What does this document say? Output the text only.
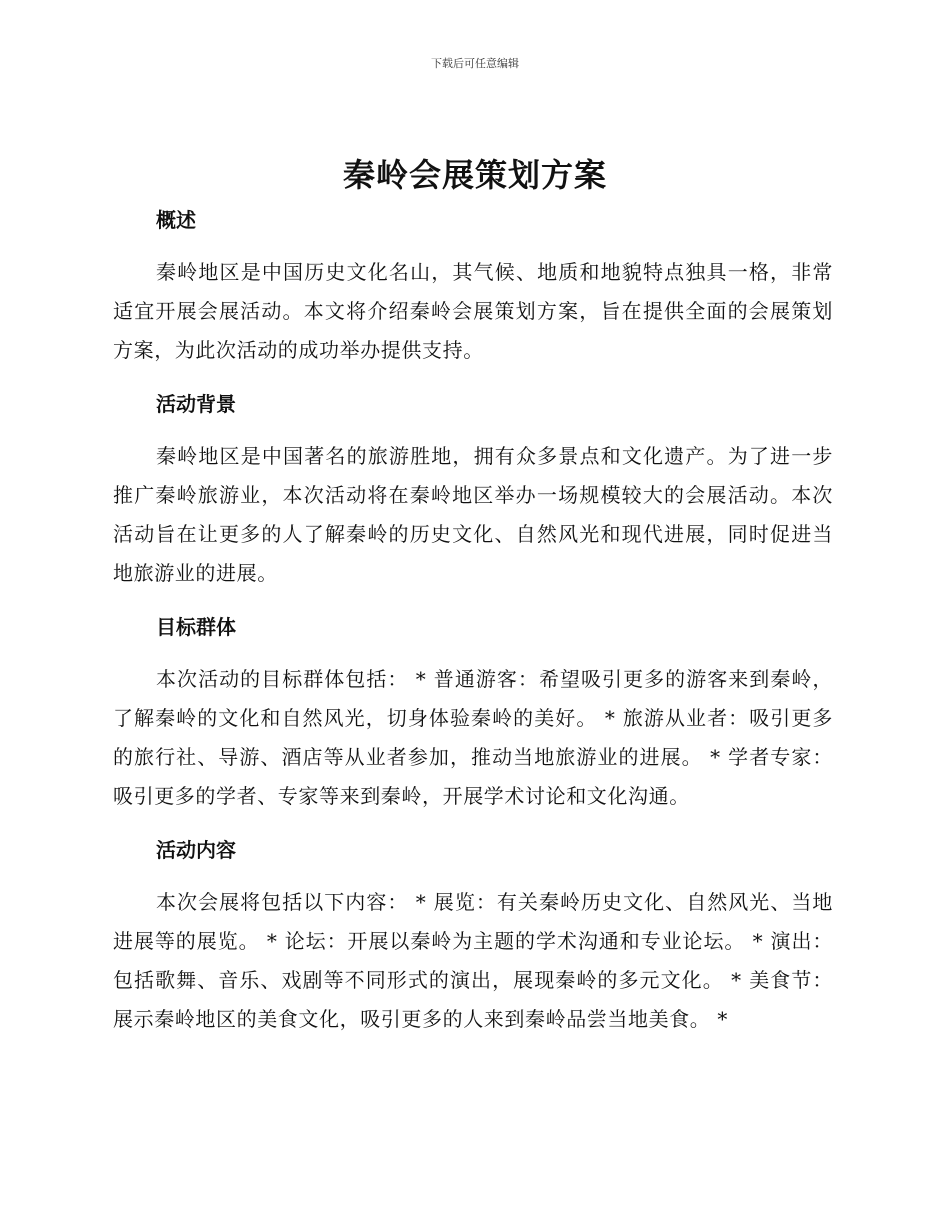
下载后可任意编辑
秦岭会展策划方案
概述

秦岭地区是中国历史文化名山，其气候、地质和地貌特点独具一格，非常适宜开展会展活动。本文将介绍秦岭会展策划方案，旨在提供全面的会展策划方案，为此次活动的成功举办提供支持。

活动背景

秦岭地区是中国著名的旅游胜地，拥有众多景点和文化遗产。为了进一步推广秦岭旅游业，本次活动将在秦岭地区举办一场规模较大的会展活动。本次活动旨在让更多的人了解秦岭的历史文化、自然风光和现代进展，同时促进当地旅游业的进展。

目标群体

本次活动的目标群体包括： * 普通游客：希望吸引更多的游客来到秦岭，了解秦岭的文化和自然风光，切身体验秦岭的美好。 * 旅游从业者：吸引更多的旅行社、导游、酒店等从业者参加，推动当地旅游业的进展。 * 学者专家：吸引更多的学者、专家等来到秦岭，开展学术讨论和文化沟通。

活动内容

本次会展将包括以下内容： * 展览：有关秦岭历史文化、自然风光、当地进展等的展览。 * 论坛：开展以秦岭为主题的学术沟通和专业论坛。 * 演出：包括歌舞、音乐、戏剧等不同形式的演出，展现秦岭的多元文化。 * 美食节：展示秦岭地区的美食文化，吸引更多的人来到秦岭品尝当地美食。 *
